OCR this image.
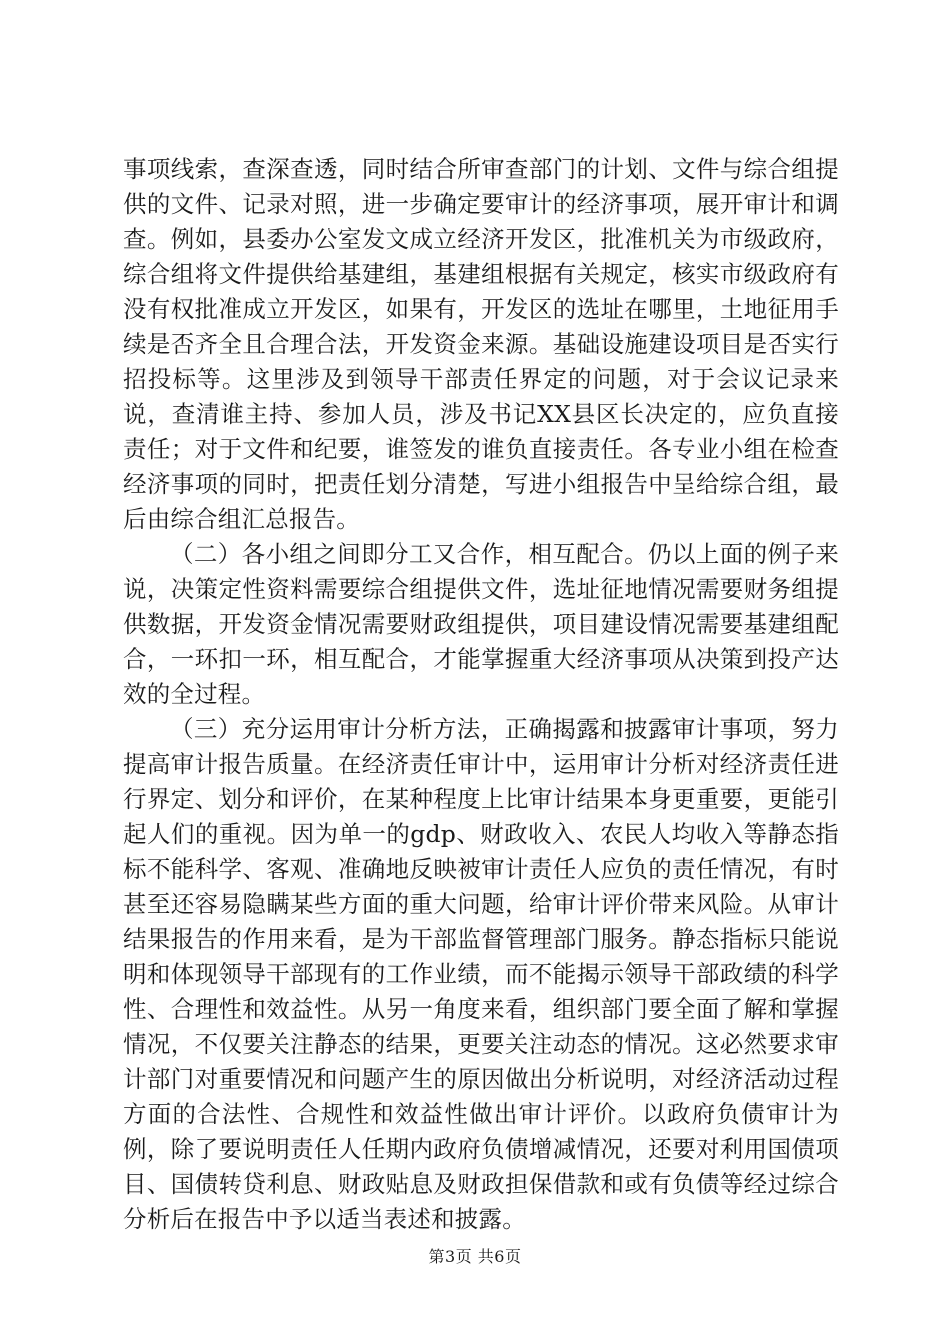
事项线索，查深查透，同时结合所审查部门的计划、文件与综合组提供的文件、记录对照，进一步确定要审计的经济事项，展开审计和调查。例如，县委办公室发文成立经济开发区，批准机关为市级政府，综合组将文件提供给基建组，基建组根据有关规定，核实市级政府有没有权批准成立开发区，如果有，开发区的选址在哪里，土地征用手续是否齐全且合理合法，开发资金来源。基础设施建设项目是否实行招投标等。这里涉及到领导干部责任界定的问题，对于会议记录来说，查清谁主持、参加人员，涉及书记XX县区长决定的，应负直接责任；对于文件和纪要，谁签发的谁负直接责任。各专业小组在检查经济事项的同时，把责任划分清楚，写进小组报告中呈给综合组，最后由综合组汇总报告。

（二）各小组之间即分工又合作，相互配合。仍以上面的例子来说，决策定性资料需要综合组提供文件，选址征地情况需要财务组提供数据，开发资金情况需要财政组提供，项目建设情况需要基建组配合，一环扣一环，相互配合，才能掌握重大经济事项从决策到投产达效的全过程。

（三）充分运用审计分析方法，正确揭露和披露审计事项，努力提高审计报告质量。在经济责任审计中，运用审计分析对经济责任进行界定、划分和评价，在某种程度上比审计结果本身更重要，更能引起人们的重视。因为单一的gdp、财政收入、农民人均收入等静态指标不能科学、客观、准确地反映被审计责任人应负的责任情况，有时甚至还容易隐瞒某些方面的重大问题，给审计评价带来风险。从审计结果报告的作用来看，是为干部监督管理部门服务。静态指标只能说明和体现领导干部现有的工作业绩，而不能揭示领导干部政绩的科学性、合理性和效益性。从另一角度来看，组织部门要全面了解和掌握情况，不仅要关注静态的结果，更要关注动态的情况。这必然要求审计部门对重要情况和问题产生的原因做出分析说明，对经济活动过程方面的合法性、合规性和效益性做出审计评价。以政府负债审计为例，除了要说明责任人任期内政府负债增减情况，还要对利用国债项目、国债转贷利息、财政贴息及财政担保借款和或有负债等经过综合分析后在报告中予以适当表述和披露。

第3页 共6页
